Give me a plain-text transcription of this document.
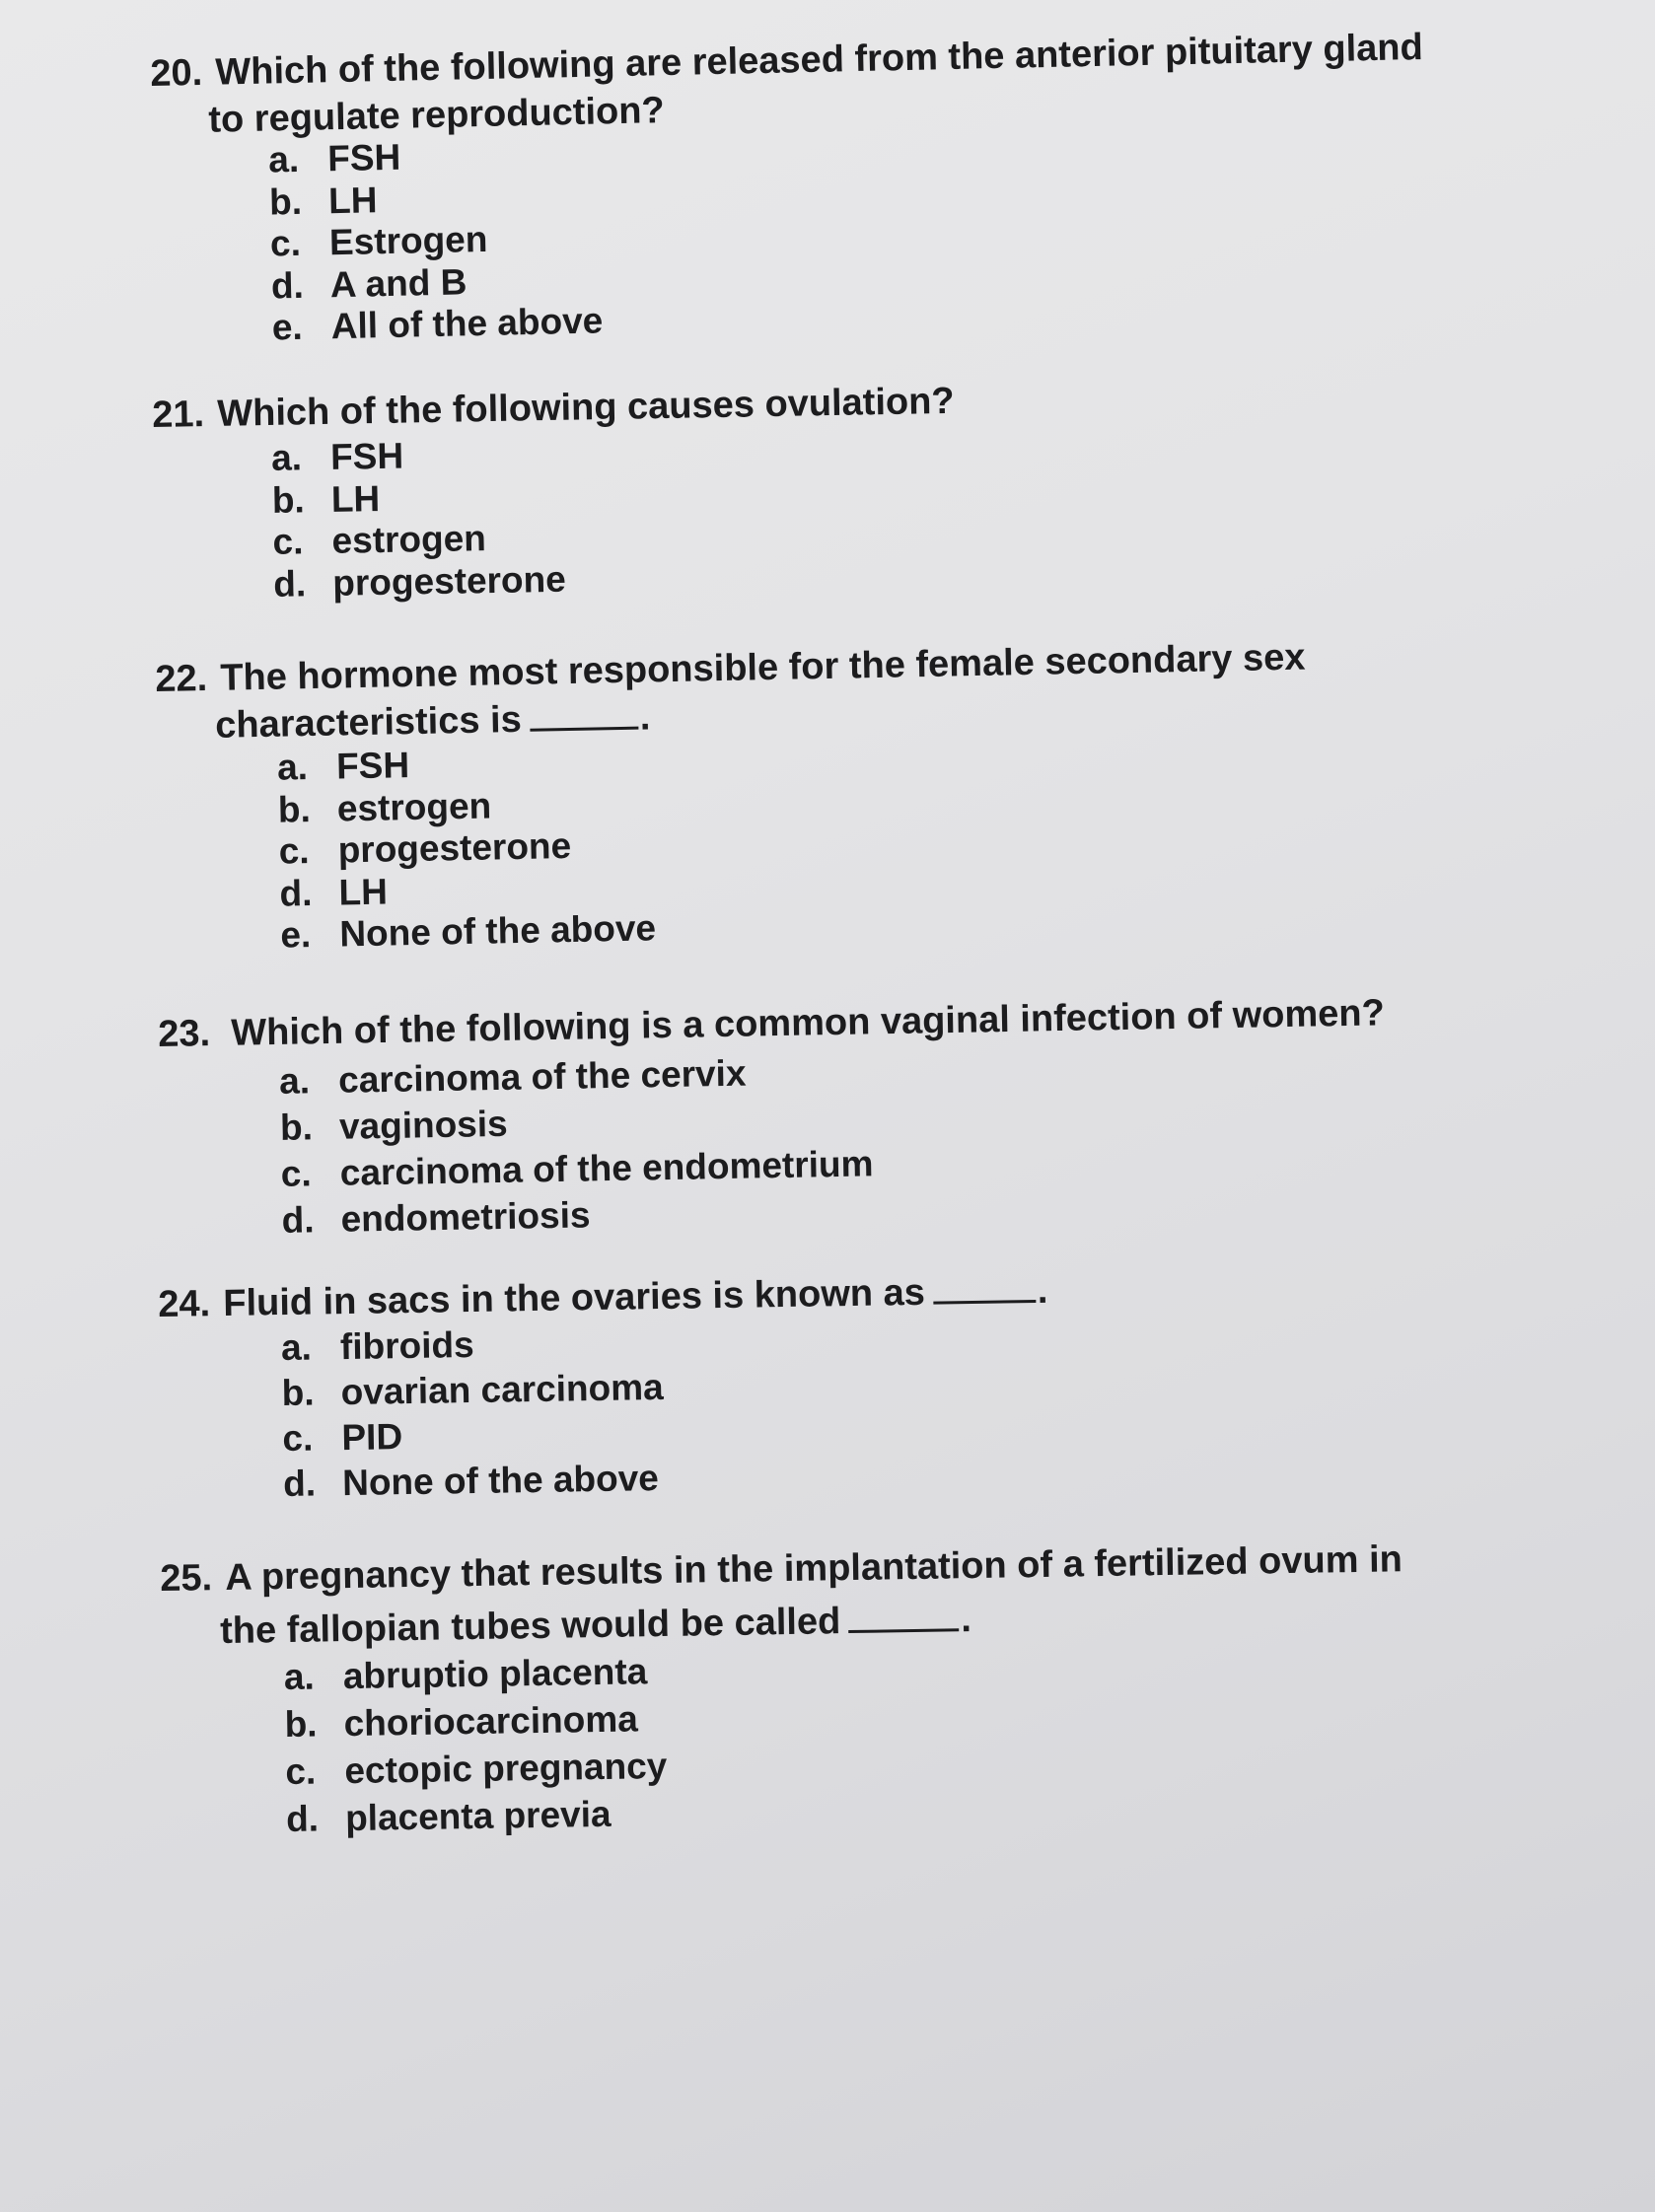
20. Which of the following are released from the anterior pituitary gland
to regulate reproduction?
a. FSH
b. LH
c. Estrogen
d. A and B
e. All of the above
21. Which of the following causes ovulation?
a. FSH
b. LH
c. estrogen
d. progesterone
22. The hormone most responsible for the female secondary sex
characteristics is	.
a. FSH
b. estrogen
c. progesterone
d. LH
e. None of the above
23. Which of the following is a common vaginal infection of women?
a. carcinoma of the cervix
b. vaginosis
c. carcinoma of the endometrium
d. endometriosis
24. Fluid in sacs in the ovaries is known as	.
a. fibroids
b. ovarian carcinoma
c. PID
d. None of the above
25. A pregnancy that results in the implantation of a fertilized ovum in
the fallopian tubes would be called	.
a. abruptio placenta
b. choriocarcinoma
c. ectopic pregnancy
d. placenta previa
